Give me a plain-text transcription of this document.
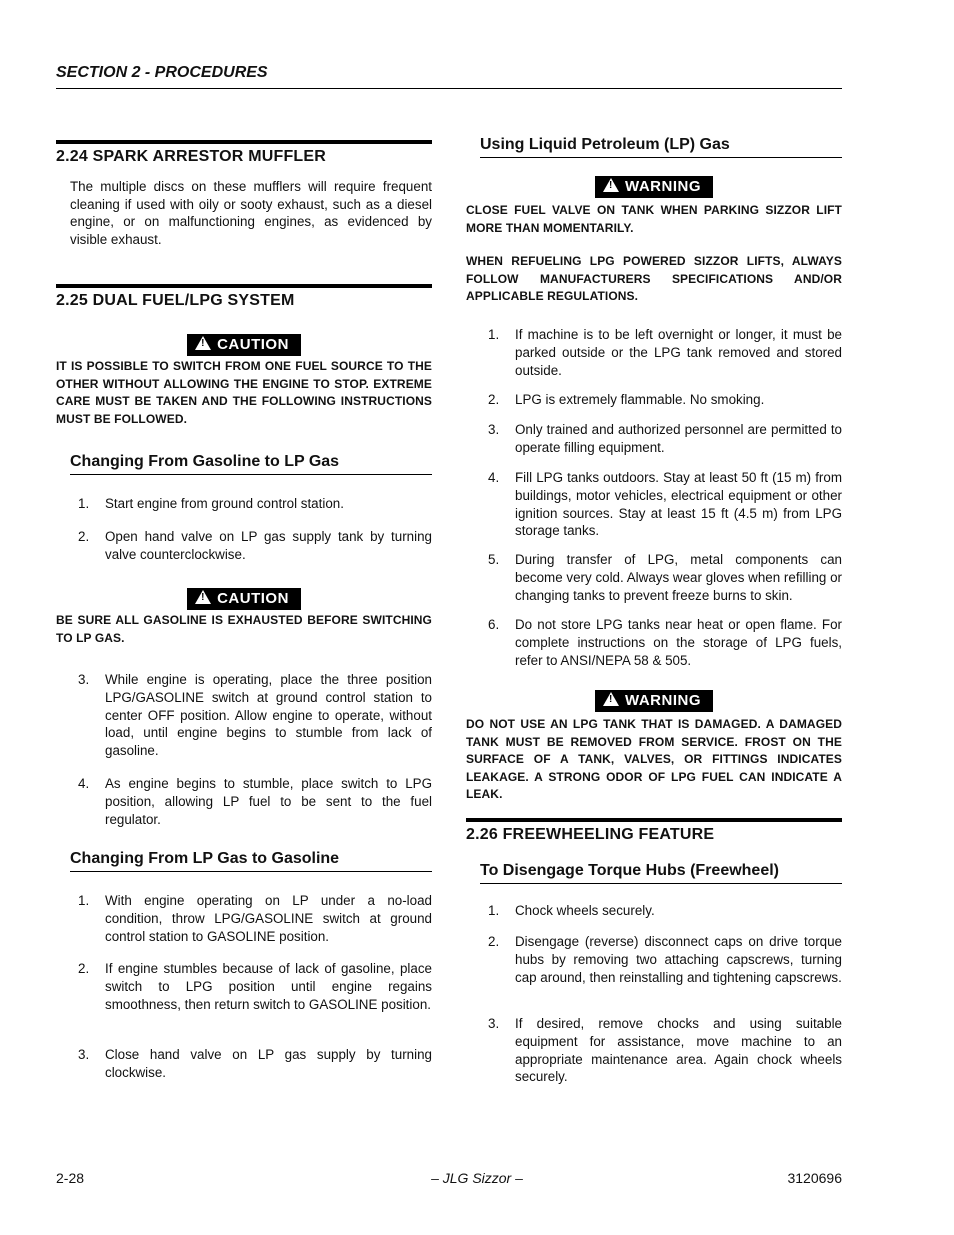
SECTION 2 - PROCEDURES
2.24 SPARK ARRESTOR MUFFLER
The multiple discs on these mufflers will require frequent cleaning if used with oily or sooty exhaust, such as a diesel engine, or on malfunctioning engines, as evidenced by visible exhaust.
2.25 DUAL FUEL/LPG SYSTEM
!CAUTION
IT IS POSSIBLE TO SWITCH FROM ONE FUEL SOURCE TO THE OTHER WITHOUT ALLOWING THE ENGINE TO STOP. EXTREME CARE MUST BE TAKEN AND THE FOLLOWING INSTRUCTIONS MUST BE FOLLOWED.
Changing From Gasoline to LP Gas
1. Start engine from ground control station.
2. Open hand valve on LP gas supply tank by turning valve counterclockwise.
!CAUTION
BE SURE ALL GASOLINE IS EXHAUSTED BEFORE SWITCHING TO LP GAS.
3. While engine is operating, place the three position LPG/GASOLINE switch at ground control station to center OFF position. Allow engine to operate, without load, until engine begins to stumble from lack of gasoline.
4. As engine begins to stumble, place switch to LPG position, allowing LP fuel to be sent to the fuel regulator.
Changing From LP Gas to Gasoline
1. With engine operating on LP under a no-load condition, throw LPG/GASOLINE switch at ground control station to GASOLINE position.
2. If engine stumbles because of lack of gasoline, place switch to LPG position until engine regains smoothness, then return switch to GASOLINE position.
3. Close hand valve on LP gas supply by turning clockwise.
Using Liquid Petroleum (LP) Gas
!WARNING
CLOSE FUEL VALVE ON TANK WHEN PARKING SIZZOR LIFT MORE THAN MOMENTARILY.
WHEN REFUELING LPG POWERED SIZZOR LIFTS, ALWAYS FOLLOW MANUFACTURERS SPECIFICATIONS AND/OR APPLICABLE REGULATIONS.
1. If machine is to be left overnight or longer, it must be parked outside or the LPG tank removed and stored outside.
2. LPG is extremely flammable. No smoking.
3. Only trained and authorized personnel are permitted to operate filling equipment.
4. Fill LPG tanks outdoors. Stay at least 50 ft (15 m) from buildings, motor vehicles, electrical equipment or other ignition sources. Stay at least 15 ft (4.5 m) from LPG storage tanks.
5. During transfer of LPG, metal components can become very cold. Always wear gloves when refilling or changing tanks to prevent freeze burns to skin.
6. Do not store LPG tanks near heat or open flame. For complete instructions on the storage of LPG fuels, refer to ANSI/NEPA 58 & 505.
!WARNING
DO NOT USE AN LPG TANK THAT IS DAMAGED. A DAMAGED TANK MUST BE REMOVED FROM SERVICE. FROST ON THE SURFACE OF A TANK, VALVES, OR FITTINGS INDICATES LEAKAGE. A STRONG ODOR OF LPG FUEL CAN INDICATE A LEAK.
2.26 FREEWHEELING FEATURE
To Disengage Torque Hubs (Freewheel)
1. Chock wheels securely.
2. Disengage (reverse) disconnect caps on drive torque hubs by removing two attaching capscrews, turning cap around, then reinstalling and tightening capscrews.
3. If desired, remove chocks and using suitable equipment for assistance, move machine to an appropriate maintenance area. Again chock wheels securely.
2-28	– JLG Sizzor –	3120696
